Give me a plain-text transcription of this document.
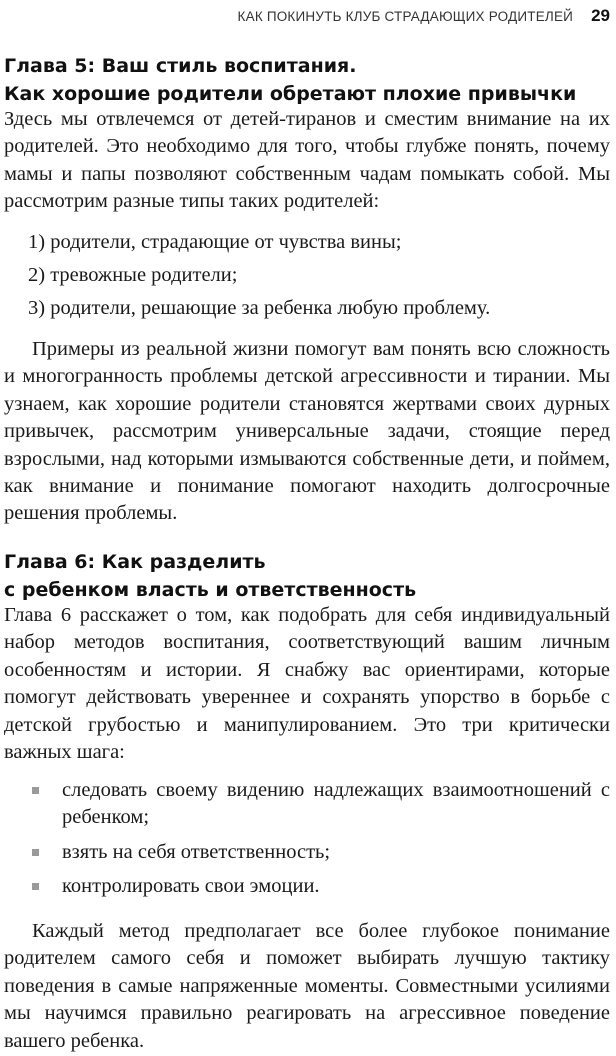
КАК ПОКИНУТЬ КЛУБ СТРАДАЮЩИХ РОДИТЕЛЕЙ 29
Глава 5: Ваш стиль воспитания.
Как хорошие родители обретают плохие привычки

Здесь мы отвлечемся от детей-тиранов и сместим внимание на их родителей. Это необходимо для того, чтобы глубже понять, почему мамы и папы позволяют собственным чадам помыкать собой. Мы рассмотрим разные типы таких родителей:

1) родители, страдающие от чувства вины;
2) тревожные родители;
3) родители, решающие за ребенка любую проблему.

Примеры из реальной жизни помогут вам понять всю сложность и многогранность проблемы детской агрессивности и тирании. Мы узнаем, как хорошие родители становятся жертвами своих дурных привычек, рассмотрим универсальные задачи, стоящие перед взрослыми, над которыми измываются собственные дети, и поймем, как внимание и понимание помогают находить долгосрочные решения проблемы.

Глава 6: Как разделить
с ребенком власть и ответственность

Глава 6 расскажет о том, как подобрать для себя индивидуальный набор методов воспитания, соответствующий вашим личным особенностям и истории. Я снабжу вас ориентирами, которые помогут действовать увереннее и сохранять упорство в борьбе с детской грубостью и манипулированием. Это три критически важных шага:

следовать своему видению надлежащих взаимоотношений с ребенком;
взять на себя ответственность;
контролировать свои эмоции.

Каждый метод предполагает все более глубокое понимание родителем самого себя и поможет выбирать лучшую тактику поведения в самые напряженные моменты. Совместными усилиями мы научимся правильно реагировать на агрессивное поведение вашего ребенка.
